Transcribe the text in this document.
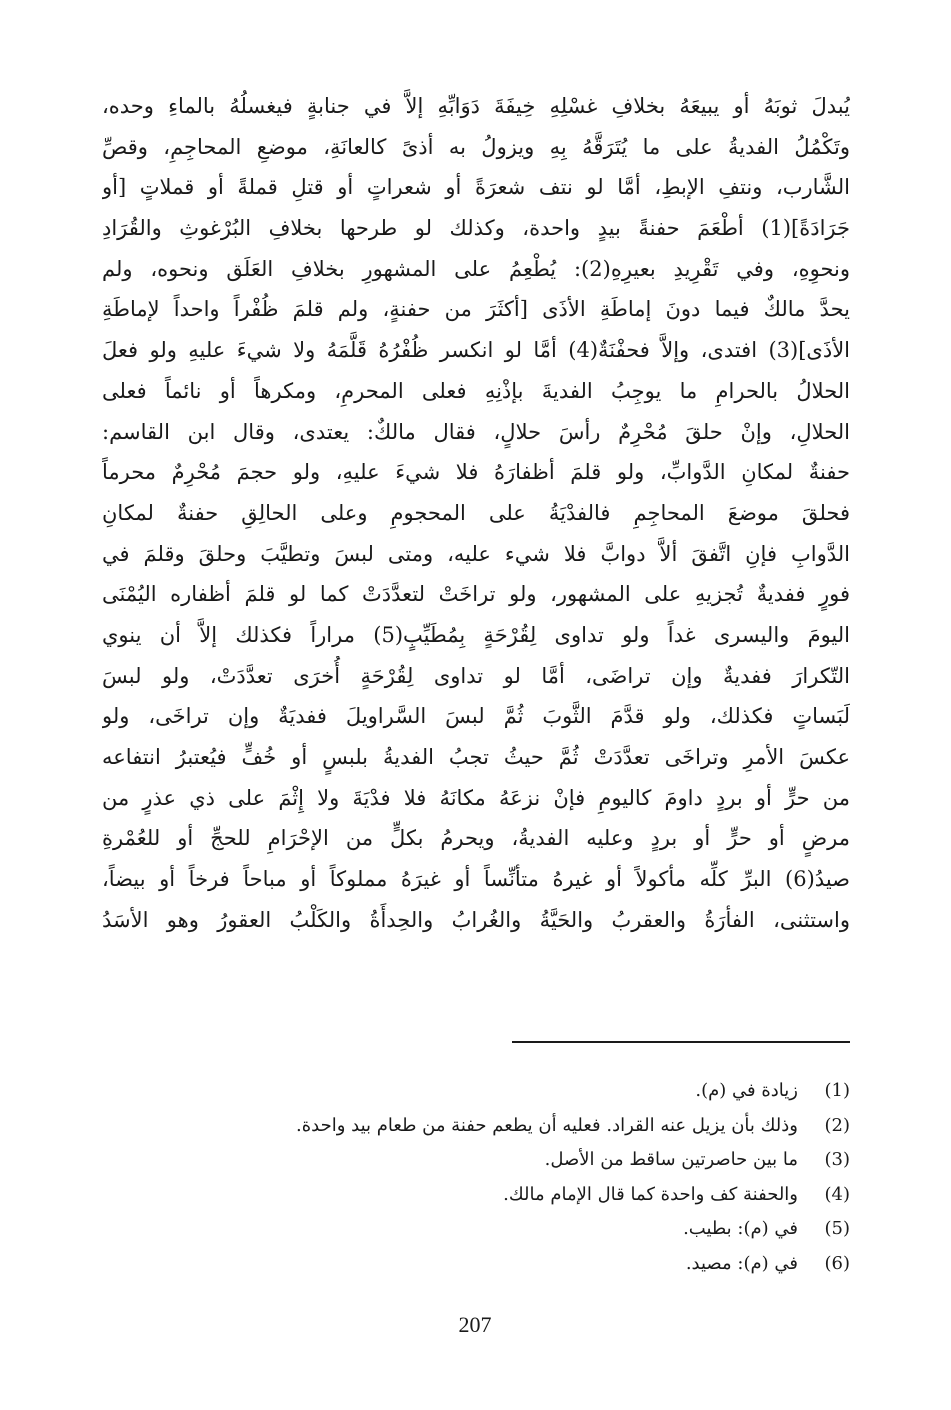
يُبدلَ ثوبَهُ أو يبيعَهُ بخلافِ غسْلِهِ خِيفَةَ دَوَابِّهِ إلاَّ في جنابةٍ فيغسلُهُ بالماءِ وحده،
وتَكْمُلُ الفديةُ على ما يُتَرَقَّهُ بِهِ ويزولُ به أذىً كالعانَةِ، موضعِ المحاجِمِ، وقصِّ
الشَّارب، ونتفِ الإبطِ، أمَّا لو نتف شعرَةً أو شعراتٍ أو قتلِ قملةً أو قملاتٍ [أو
جَرَادَةً](1) أطْعَمَ حفنةً بيدٍ واحدة، وكذلك لو طرحها بخلافِ البُرْغوثِ والقُرَادِ
ونحوِهِ، وفي تَقْرِيدِ بعيرِهِ(2): يُطْعِمُ على المشهورِ بخلافِ العَلَق ونحوه، ولم
يحدَّ مالكٌ فيما دونَ إماطَةِ الأذَى [أكثَرَ من حفنةٍ، ولم قلمَ ظُفْراً واحداً لإماطَةِ
الأذَى](3) افتدى، وإلاَّ فحفْنَةٌ(4) أمَّا لو انكسر ظُفْرُهُ قَلَّمَهُ ولا شيءَ عليهِ ولو فعلَ
الحلالُ بالحرامِ ما يوجِبُ الفديةَ بإذْنِهِ فعلى المحرمِ، ومكرهاً أو نائماً فعلى
الحلالِ، وإنْ حلقَ مُحْرِمٌ رأسَ حلالٍ، فقال مالكٌ: يعتدى، وقال ابن القاسم:
حفنةٌ لمكانِ الدَّوابِّ، ولو قلمَ أظفارَهُ فلا شيءَ عليهِ، ولو حجمَ مُحْرِمٌ محرماً
فحلقَ موضعَ المحاجِمِ فالفدْيَةُ على المحجومِ وعلى الحالِقِ حفنةٌ لمكانِ
الدَّوابِ فإنِ اتَّفقَ ألاَّ دوابَّ فلا شيء عليه، ومتى لبسَ وتطيَّبَ وحلقَ وقلمَ في
فورٍ ففديةٌ تُجزيهِ على المشهور، ولو تراخَتْ لتعدَّدَتْ كما لو قلمَ أظفاره اليُمْنَى
اليومَ واليسرى غداً ولو تداوى لِقُرْحَةٍ بِمُطَيِّبٍ(5) مراراً فكذلك إلاَّ أن ينوي
التّكرارَ ففديةٌ وإن تراضَى، أمَّا لو تداوى لِقُرْحَةٍ أُخرَى تعدَّدَتْ، ولو لبسَ
لَبَساتٍ فكذلك، ولو قدَّمَ الثَّوبَ ثُمَّ لبسَ السَّراويلَ ففديَةٌ وإن تراخَى، ولو
عكسَ الأمرِ وتراخَى تعدَّدَتْ ثُمَّ حيثُ تجبُ الفديةُ بلبسٍ أو خُفٍّ فيُعتبرُ انتفاعه
من حرٍّ أو بردٍ داومَ كاليومِ فإنْ نزعَهُ مكانَهُ فلا فدْيَةَ ولا إِثْمَ على ذي عذرٍ من
مرضٍ أو حرٍّ أو بردٍ وعليه الفديةُ، ويحرمُ بكلٍّ من الإحْرَامِ للحجِّ أو للعُمْرةِ
صيدُ(6) البرِّ كلِّه مأكولاً أو غيرهُ متأنِّساً أو غيرَهُ مملوكاً أو مباحاً فرخاً أو بيضاً،
واستثنى، الفأرَةُ والعقربُ والحَيَّةُ والغُرابُ والحِدأَةُ والكَلْبُ العقورُ وهو الأسَدُ
(1)زيادة في (م).
(2)وذلك بأن يزيل عنه القراد. فعليه أن يطعم حفنة من طعام بيد واحدة.
(3)ما بين حاصرتين ساقط من الأصل.
(4)والحفنة كف واحدة كما قال الإمام مالك.
(5)في (م): بطيب.
(6)في (م): مصيد.
207
